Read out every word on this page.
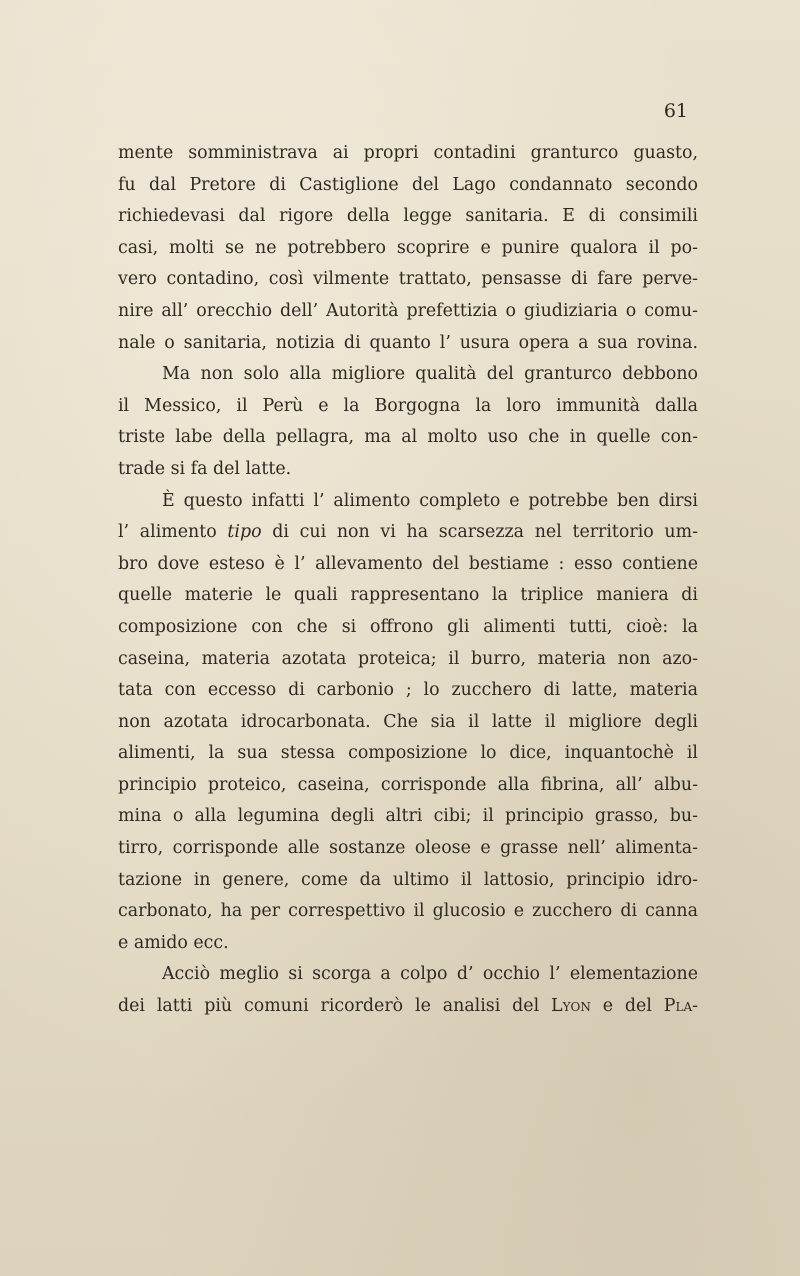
61
mente somministrava ai propri contadini granturco guasto,
fu dal Pretore di Castiglione del Lago condannato secondo
richiedevasi dal rigore della legge sanitaria. E di consimili
casi, molti se ne potrebbero scoprire e punire qualora il po-
vero contadino, così vilmente trattato, pensasse di fare perve-
nire all’ orecchio dell’ Autorità prefettizia o giudiziaria o comu-
nale o sanitaria, notizia di quanto l’ usura opera a sua rovina.
Ma non solo alla migliore qualità del granturco debbono
il Messico, il Perù e la Borgogna la loro immunità dalla
triste labe della pellagra, ma al molto uso che in quelle con-
trade si fa del latte.
È questo infatti l’ alimento completo e potrebbe ben dirsi
l’ alimento tipo di cui non vi ha scarsezza nel territorio um-
bro dove esteso è l’ allevamento del bestiame : esso contiene
quelle materie le quali rappresentano la triplice maniera di
composizione con che si offrono gli alimenti tutti, cioè: la
caseina, materia azotata proteica; il burro, materia non azo-
tata con eccesso di carbonio ; lo zucchero di latte, materia
non azotata idrocarbonata. Che sia il latte il migliore degli
alimenti, la sua stessa composizione lo dice, inquantochè il
principio proteico, caseina, corrisponde alla fibrina, all’ albu-
mina o alla legumina degli altri cibi; il principio grasso, bu-
tirro, corrisponde alle sostanze oleose e grasse nell’ alimenta-
tazione in genere, come da ultimo il lattosio, principio idro-
carbonato, ha per correspettivo il glucosio e zucchero di canna
e amido ecc.
Acciò meglio si scorga a colpo d’ occhio l’ elementazione
dei latti più comuni ricorderò le analisi del Lyon e del Pla-
